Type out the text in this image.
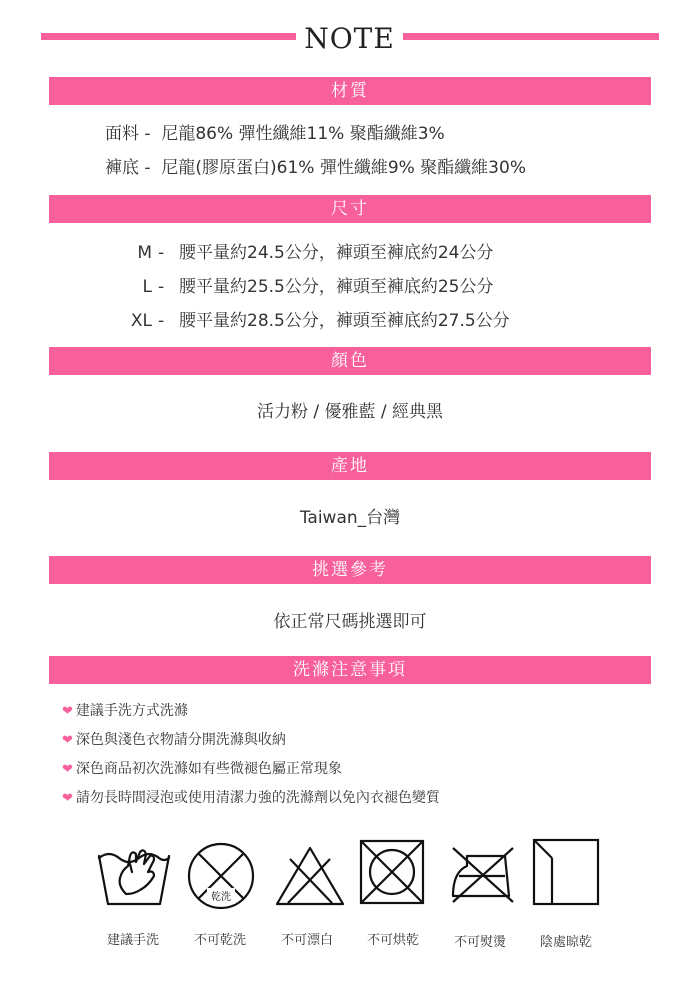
NOTE
材質
面料 - 尼龍86% 彈性纖維11% 聚酯纖維3%
褲底 - 尼龍(膠原蛋白)61% 彈性纖維9% 聚酯纖維30%
尺寸
M - 腰平量約24.5公分，褲頭至褲底約24公分
L - 腰平量約25.5公分，褲頭至褲底約25公分
XL - 腰平量約28.5公分，褲頭至褲底約27.5公分
顏色
活力粉 / 優雅藍 / 經典黑
產地
Taiwan_台灣
挑選參考
依正常尺碼挑選即可
洗滌注意事項
❤ 建議手洗方式洗滌
❤ 深色與淺色衣物請分開洗滌與收納
❤ 深色商品初次洗滌如有些微褪色屬正常現象
❤ 請勿長時間浸泡或使用清潔力強的洗滌劑以免內衣褪色變質
乾洗
建議手洗	不可乾洗	不可漂白	不可烘乾	不可熨燙	陰處晾乾
